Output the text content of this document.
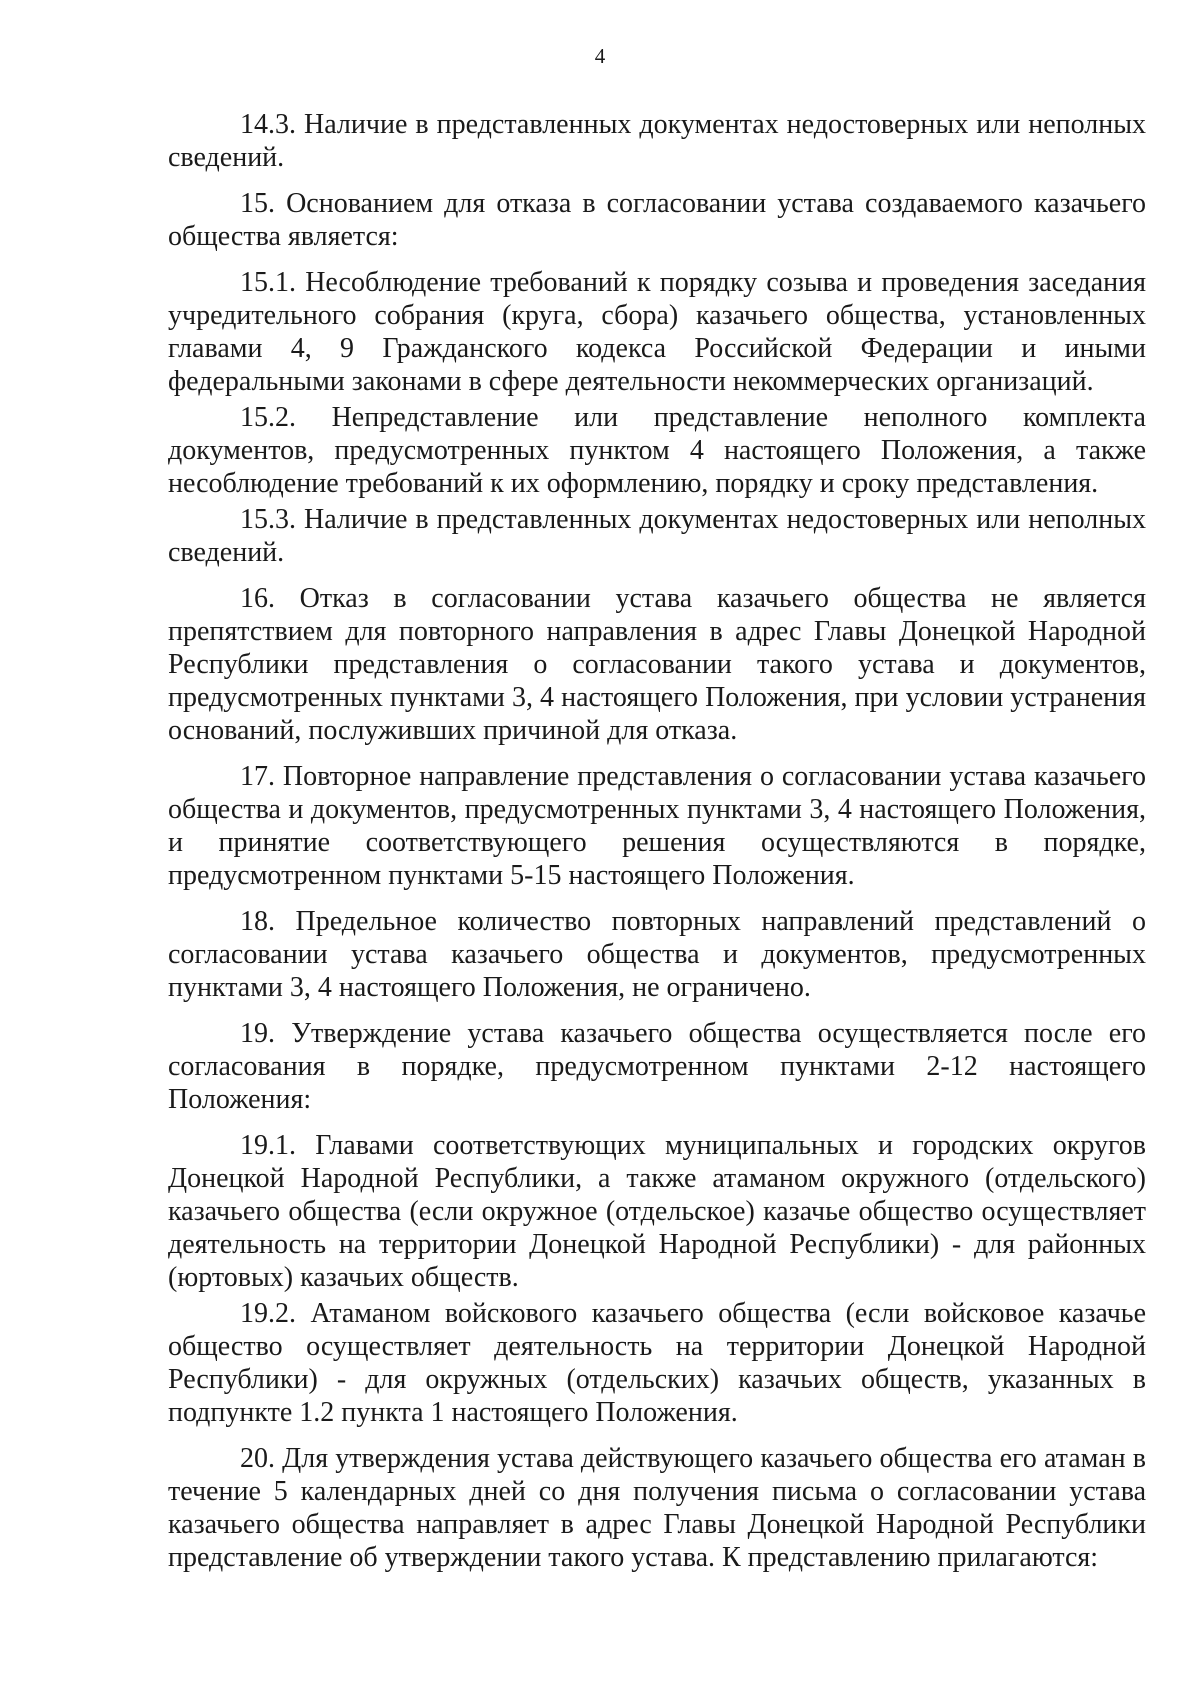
4

14.3. Наличие в представленных документах недостоверных или неполных сведений.

15. Основанием для отказа в согласовании устава создаваемого казачьего общества является:

15.1. Несоблюдение требований к порядку созыва и проведения заседания учредительного собрания (круга, сбора) казачьего общества, установленных главами 4, 9 Гражданского кодекса Российской Федерации и иными федеральными законами в сфере деятельности некоммерческих организаций.

15.2. Непредставление или представление неполного комплекта документов, предусмотренных пунктом 4 настоящего Положения, а также несоблюдение требований к их оформлению, порядку и сроку представления.

15.3. Наличие в представленных документах недостоверных или неполных сведений.

16. Отказ в согласовании устава казачьего общества не является препятствием для повторного направления в адрес Главы Донецкой Народной Республики представления о согласовании такого устава и документов, предусмотренных пунктами 3, 4 настоящего Положения, при условии устранения оснований, послуживших причиной для отказа.

17. Повторное направление представления о согласовании устава казачьего общества и документов, предусмотренных пунктами 3, 4 настоящего Положения, и принятие соответствующего решения осуществляются в порядке, предусмотренном пунктами 5-15 настоящего Положения.

18. Предельное количество повторных направлений представлений о согласовании устава казачьего общества и документов, предусмотренных пунктами 3, 4 настоящего Положения, не ограничено.

19. Утверждение устава казачьего общества осуществляется после его согласования в порядке, предусмотренном пунктами 2-12 настоящего Положения:

19.1. Главами соответствующих муниципальных и городских округов Донецкой Народной Республики, а также атаманом окружного (отдельского) казачьего общества (если окружное (отдельское) казачье общество осуществляет деятельность на территории Донецкой Народной Республики) - для районных (юртовых) казачьих обществ.

19.2. Атаманом войскового казачьего общества (если войсковое казачье общество осуществляет деятельность на территории Донецкой Народной Республики) - для окружных (отдельских) казачьих обществ, указанных в подпункте 1.2 пункта 1 настоящего Положения.

20. Для утверждения устава действующего казачьего общества его атаман в течение 5 календарных дней со дня получения письма о согласовании устава казачьего общества направляет в адрес Главы Донецкой Народной Республики представление об утверждении такого устава. К представлению прилагаются:
